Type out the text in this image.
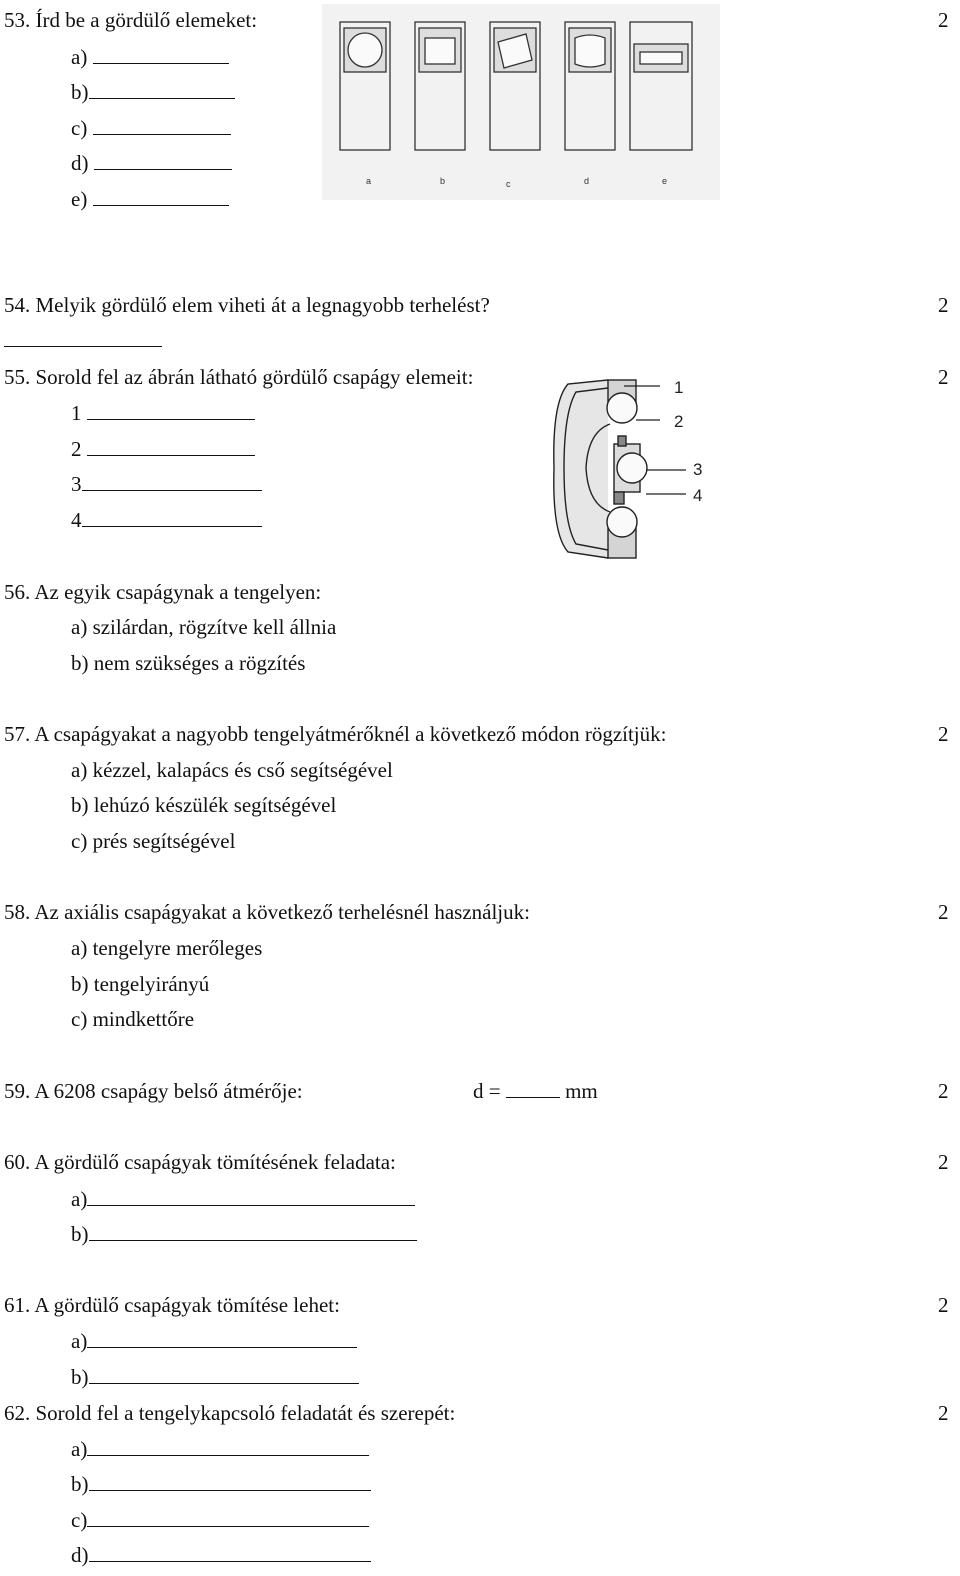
53. Írd be a gördülő elemeket:	2
a)
b)
c)
d)
e)
a	b	c	d	e
54. Melyik gördülő elem viheti át a legnagyobb terhelést?	2
55. Sorold fel az ábrán látható gördülő csapágy elemeit:	2
1
2
3
4
1
2
3
4
56. Az egyik csapágynak a tengelyen:
a) szilárdan, rögzítve kell állnia
b) nem szükséges a rögzítés
57. A csapágyakat a nagyobb tengelyátmérőknél a következő módon rögzítjük:	2
a) kézzel, kalapács és cső segítségével
b) lehúzó készülék segítségével
c) prés segítségével
58. Az axiális csapágyakat a következő terhelésnél használjuk:	2
a) tengelyre merőleges
b) tengelyirányú
c) mindkettőre
59. A 6208 csapágy belső átmérője:	d =	mm	2
60. A gördülő csapágyak tömítésének feladata:	2
a)
b)
61. A gördülő csapágyak tömítése lehet:	2
a)
b)
62. Sorold fel a tengelykapcsoló feladatát és szerepét:	2
a)
b)
c)
d)
